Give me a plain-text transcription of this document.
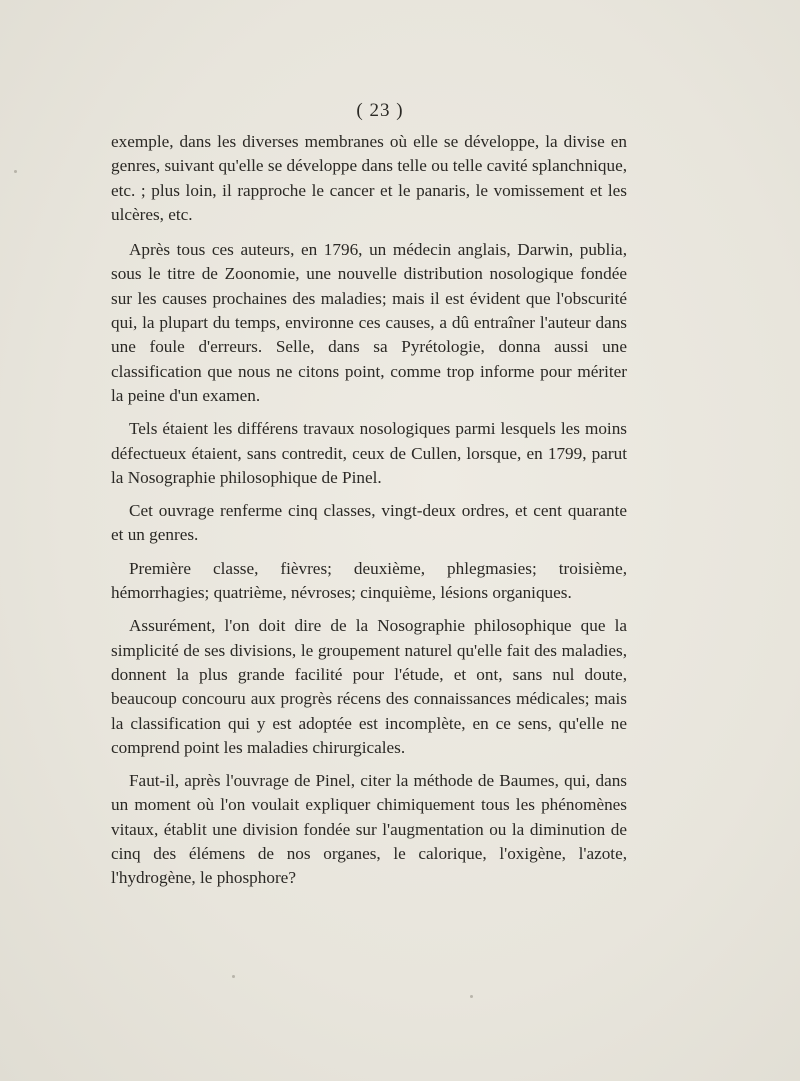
( 23 )

exemple, dans les diverses membranes où elle se développe, la divise en genres, suivant qu'elle se développe dans telle ou telle cavité splanchnique, etc. ; plus loin, il rapproche le cancer et le panaris, le vomissement et les ulcères, etc.

Après tous ces auteurs, en 1796, un médecin anglais, Darwin, publia, sous le titre de Zoonomie, une nouvelle distribution nosologique fondée sur les causes prochaines des maladies; mais il est évident que l'obscurité qui, la plupart du temps, environne ces causes, a dû entraîner l'auteur dans une foule d'erreurs. Selle, dans sa Pyrétologie, donna aussi une classification que nous ne citons point, comme trop informe pour mériter la peine d'un examen.

Tels étaient les différens travaux nosologiques parmi lesquels les moins défectueux étaient, sans contredit, ceux de Cullen, lorsque, en 1799, parut la Nosographie philosophique de Pinel.

Cet ouvrage renferme cinq classes, vingt-deux ordres, et cent quarante et un genres.

Première classe, fièvres; deuxième, phlegmasies; troisième, hémorrhagies; quatrième, névroses; cinquième, lésions organiques.

Assurément, l'on doit dire de la Nosographie philosophique que la simplicité de ses divisions, le groupement naturel qu'elle fait des maladies, donnent la plus grande facilité pour l'étude, et ont, sans nul doute, beaucoup concouru aux progrès récens des connaissances médicales; mais la classification qui y est adoptée est incomplète, en ce sens, qu'elle ne comprend point les maladies chirurgicales.

Faut-il, après l'ouvrage de Pinel, citer la méthode de Baumes, qui, dans un moment où l'on voulait expliquer chimiquement tous les phénomènes vitaux, établit une division fondée sur l'augmentation ou la diminution de cinq des élémens de nos organes, le calorique, l'oxigène, l'azote, l'hydrogène, le phosphore?
